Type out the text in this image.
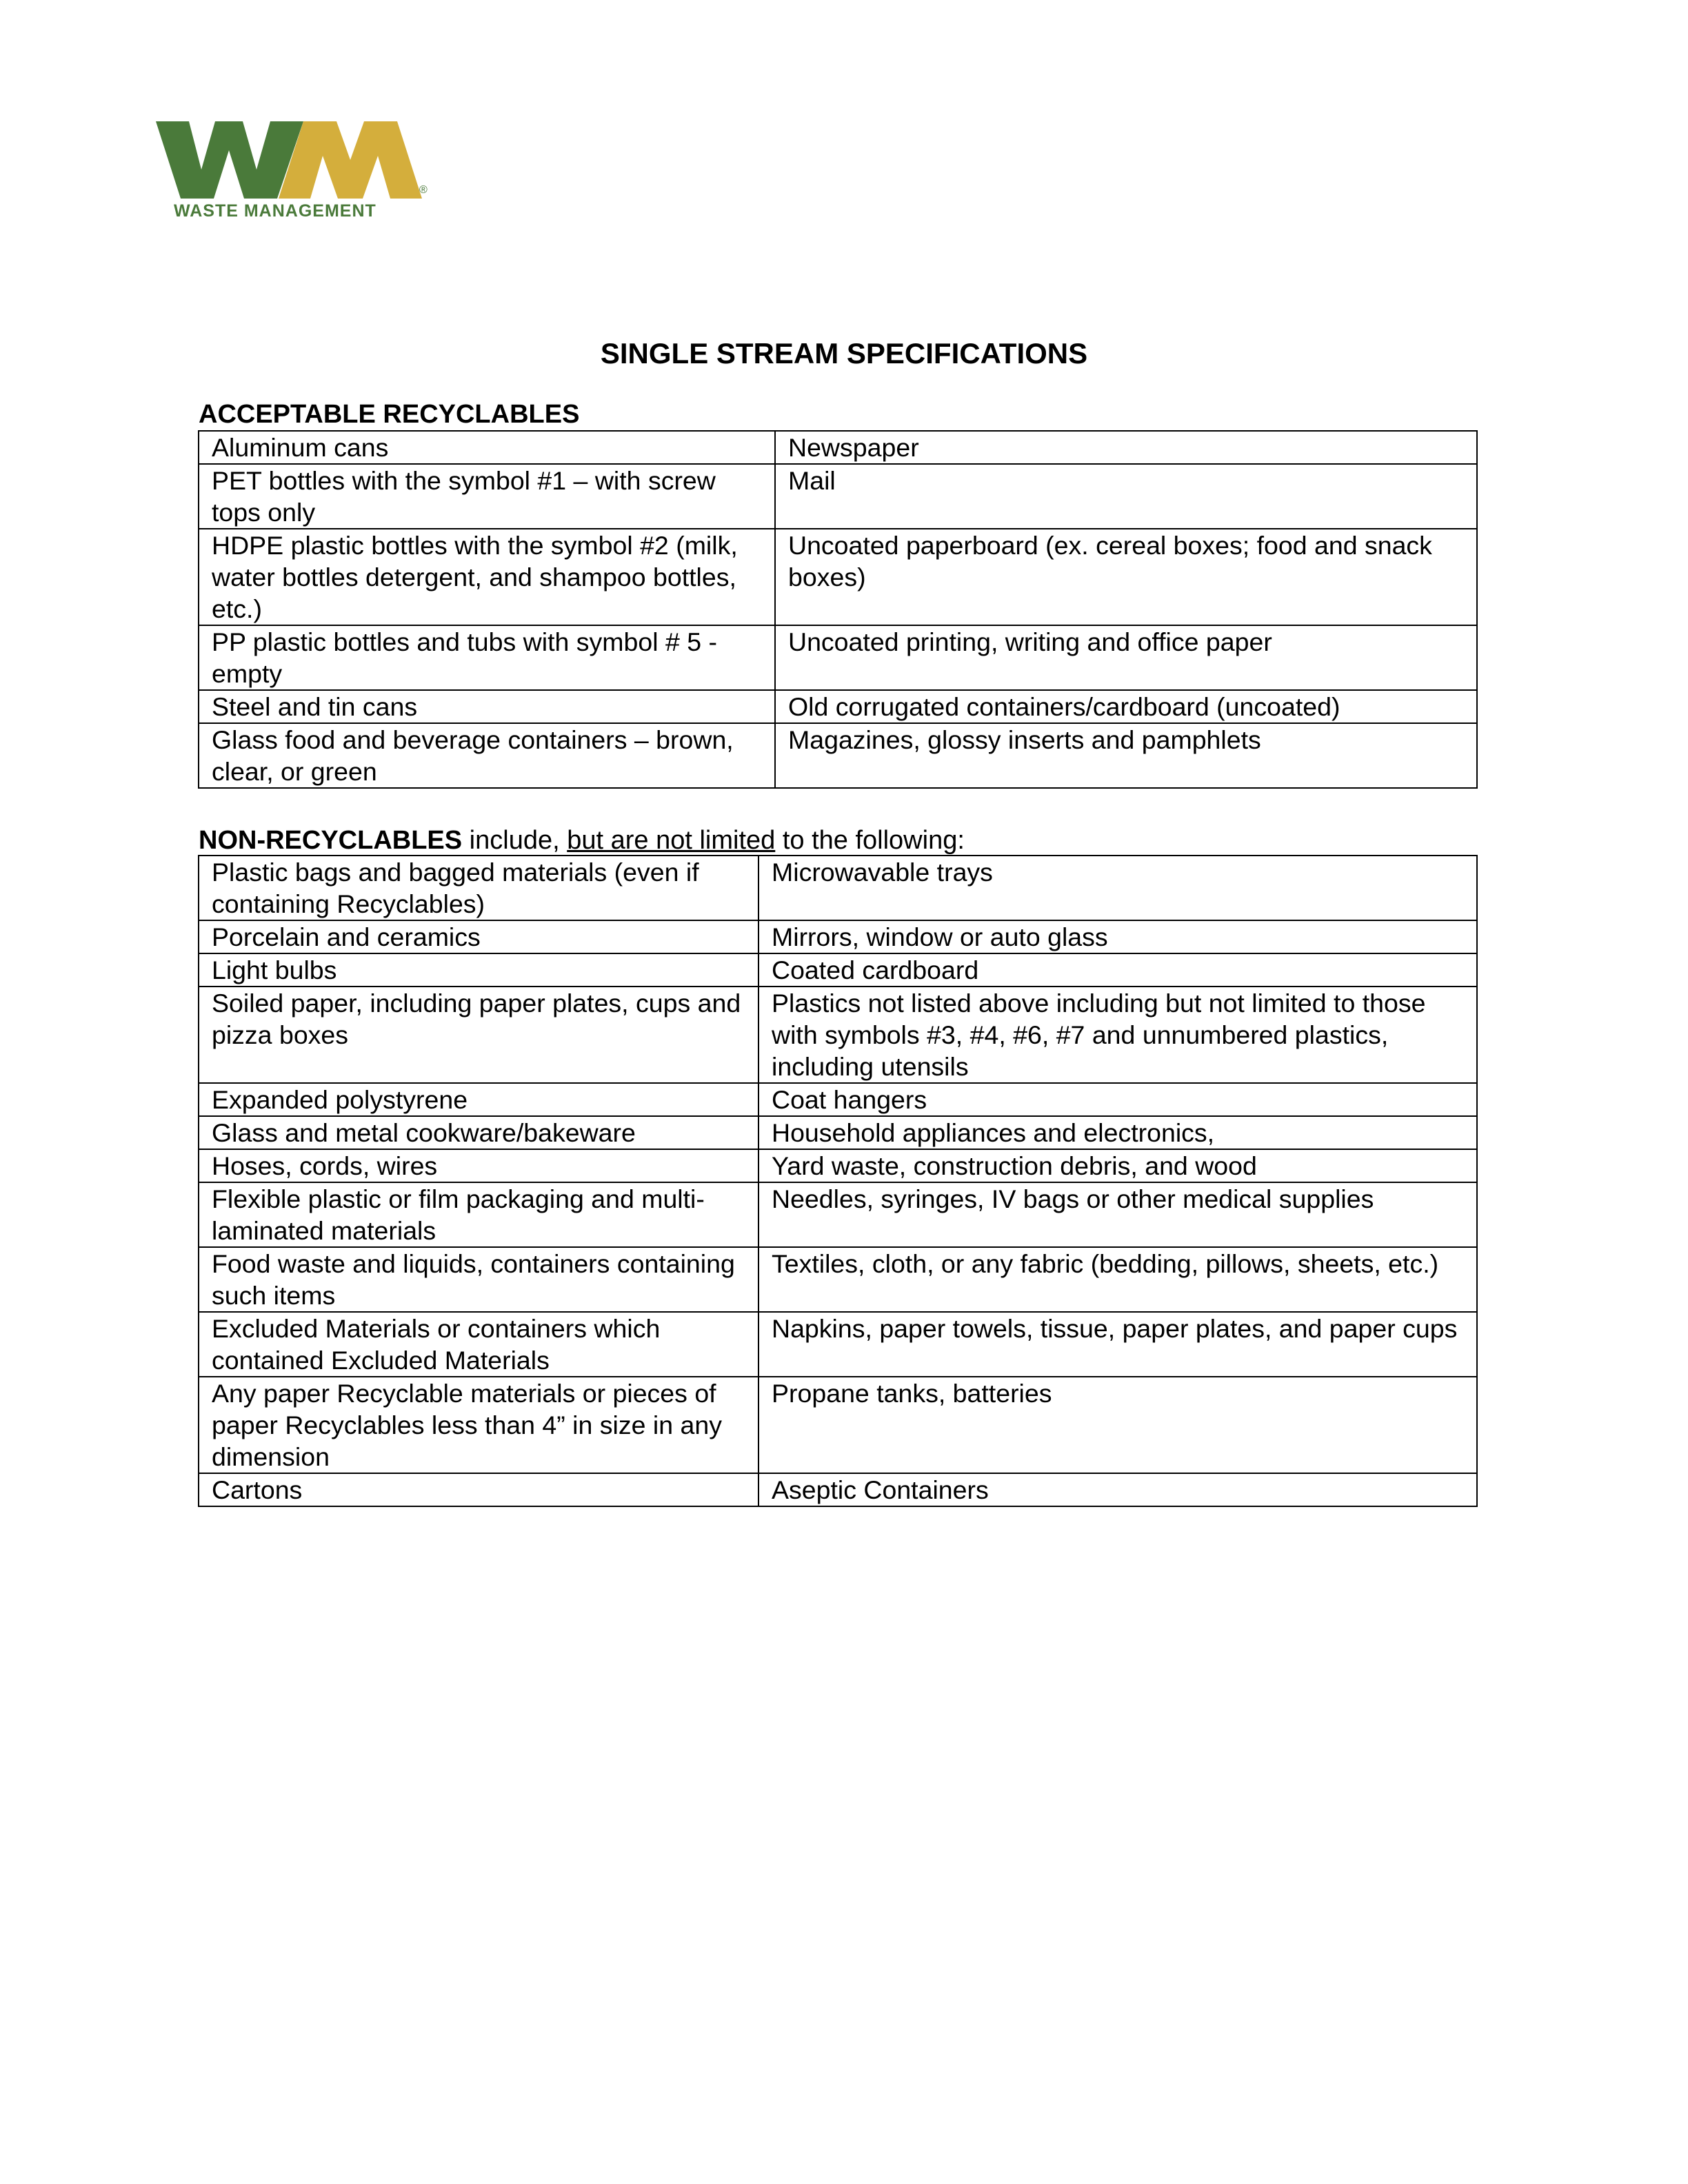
®
WASTE MANAGEMENT
SINGLE STREAM SPECIFICATIONS
ACCEPTABLE RECYCLABLES
Aluminum cans	Newspaper
PET bottles with the symbol #1 – with screw tops only	Mail
HDPE plastic bottles with the symbol #2 (milk, water bottles detergent, and shampoo bottles, etc.)	Uncoated paperboard (ex. cereal boxes; food and snack boxes)
PP plastic bottles and tubs with symbol # 5 - empty	Uncoated printing, writing and office paper
Steel and tin cans	Old corrugated containers/cardboard (uncoated)
Glass food and beverage containers – brown, clear, or green	Magazines, glossy inserts and pamphlets
NON-RECYCLABLES include, but are not limited to the following:
Plastic bags and bagged materials (even if containing Recyclables)	Microwavable trays
Porcelain and ceramics	Mirrors, window or auto glass
Light bulbs	Coated cardboard
Soiled paper, including paper plates, cups and pizza boxes	Plastics not listed above including but not limited to those with symbols #3, #4, #6, #7 and unnumbered plastics, including utensils
Expanded polystyrene	Coat hangers
Glass and metal cookware/bakeware	Household appliances and electronics,
Hoses, cords, wires	Yard waste, construction debris, and wood
Flexible plastic or film packaging and multi-laminated materials	Needles, syringes, IV bags or other medical supplies
Food waste and liquids, containers containing such items	Textiles, cloth, or any fabric (bedding, pillows, sheets, etc.)
Excluded Materials or containers which contained Excluded Materials	Napkins, paper towels, tissue, paper plates, and paper cups
Any paper Recyclable materials or pieces of paper Recyclables less than 4” in size in any dimension	Propane tanks, batteries
Cartons	Aseptic Containers
